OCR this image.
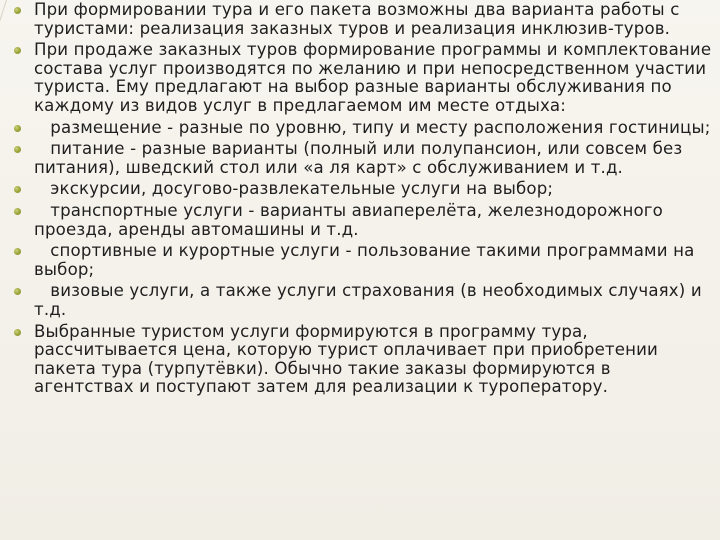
При формировании тура и его пакета возможны два варианта работы с туристами: реализация заказных туров и реализация инклюзив-туров.
При продаже заказных туров формирование программы и комплектование состава услуг производятся по желанию и при непосредственном участии туриста. Ему предлагают на выбор разные варианты обслуживания по каждому из видов услуг в предлагаемом им месте отдыха:
размещение - разные по уровню, типу и месту расположения гостиницы;
питание - разные варианты (полный или полупансион, или совсем без питания), шведский стол или «а ля карт» с обслуживанием и т.д.
экскурсии, досугово-развлекательные услуги на выбор;
транспортные услуги - варианты авиаперелёта, железнодорожного проезда, аренды автомашины и т.д.
спортивные и курортные услуги - пользование такими программами на выбор;
визовые услуги, а также услуги страхования (в необходимых случаях) и т.д.
Выбранные туристом услуги формируются в программу тура, рассчитывается цена, которую турист оплачивает при приобретении пакета тура (турпутёвки). Обычно такие заказы формируются в агентствах и поступают затем для реализации к туроператору.
